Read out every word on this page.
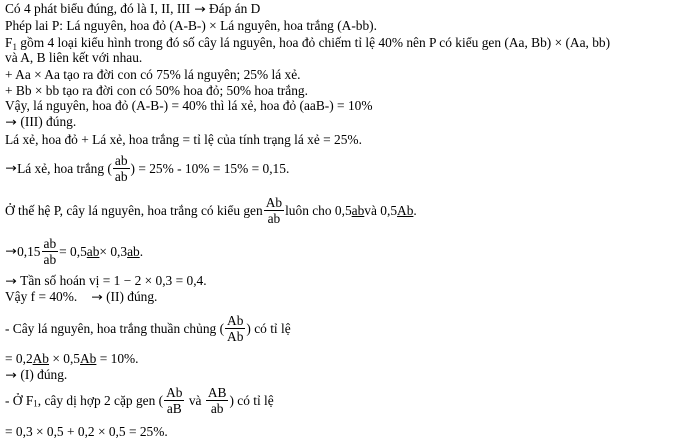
Có 4 phát biểu đúng, đó là I, II, III → Đáp án D
Phép lai P: Lá nguyên, hoa đỏ (A-B-) × Lá nguyên, hoa trắng (A-bb).
$F_1$ gồm 4 loại kiểu hình trong đó số cây lá nguyên, hoa đỏ chiếm tỉ lệ 40% nên P có kiểu gen (Aa, Bb) × (Aa, bb)
và A, B liên kết với nhau.
+ Aa × Aa tạo ra đời con có 75% lá nguyên; 25% lá xẻ.
+ Bb × bb tạo ra đời con có 50% hoa đỏ; 50% hoa trắng.
Vậy, lá nguyên, hoa đỏ (A-B-) = 40% thì lá xẻ, hoa đỏ (aaB-) = 10%
→ (III) đúng.
Lá xẻ, hoa đỏ + Lá xẻ, hoa trắng = tỉ lệ của tính trạng lá xẻ = 25%.
→Lá xẻ, hoa trắng ( $\frac{ab}{ab}$ ) = 25% - 10% = 15% = 0,15.
Ở thế hệ P, cây lá nguyên, hoa trắng có kiểu gen $\frac{Ab}{ab}$ luôn cho 0,5abvà 0,5Ab.
$\to 0,15 \frac{ab}{ab} = 0,5ab\times 0,3ab$.
→ Tần số hoán vị = 1 − 2 × 0,3 = 0,4.
Vậy f = 40%.    → (II) đúng.
- Cây lá nguyên, hoa trắng thuần chủng ( $\frac{Ab}{Ab}$ ) có tỉ lệ
= 0,2Ab × 0,5Ab = 10%.
→ (I) đúng.
- Ở $F_1$, cây dị hợp 2 cặp gen ( $\frac{Ab}{aB}$ và $\frac{AB}{ab}$ ) có tỉ lệ
= 0,3 × 0,5 + 0,2 × 0,5 = 25%.
